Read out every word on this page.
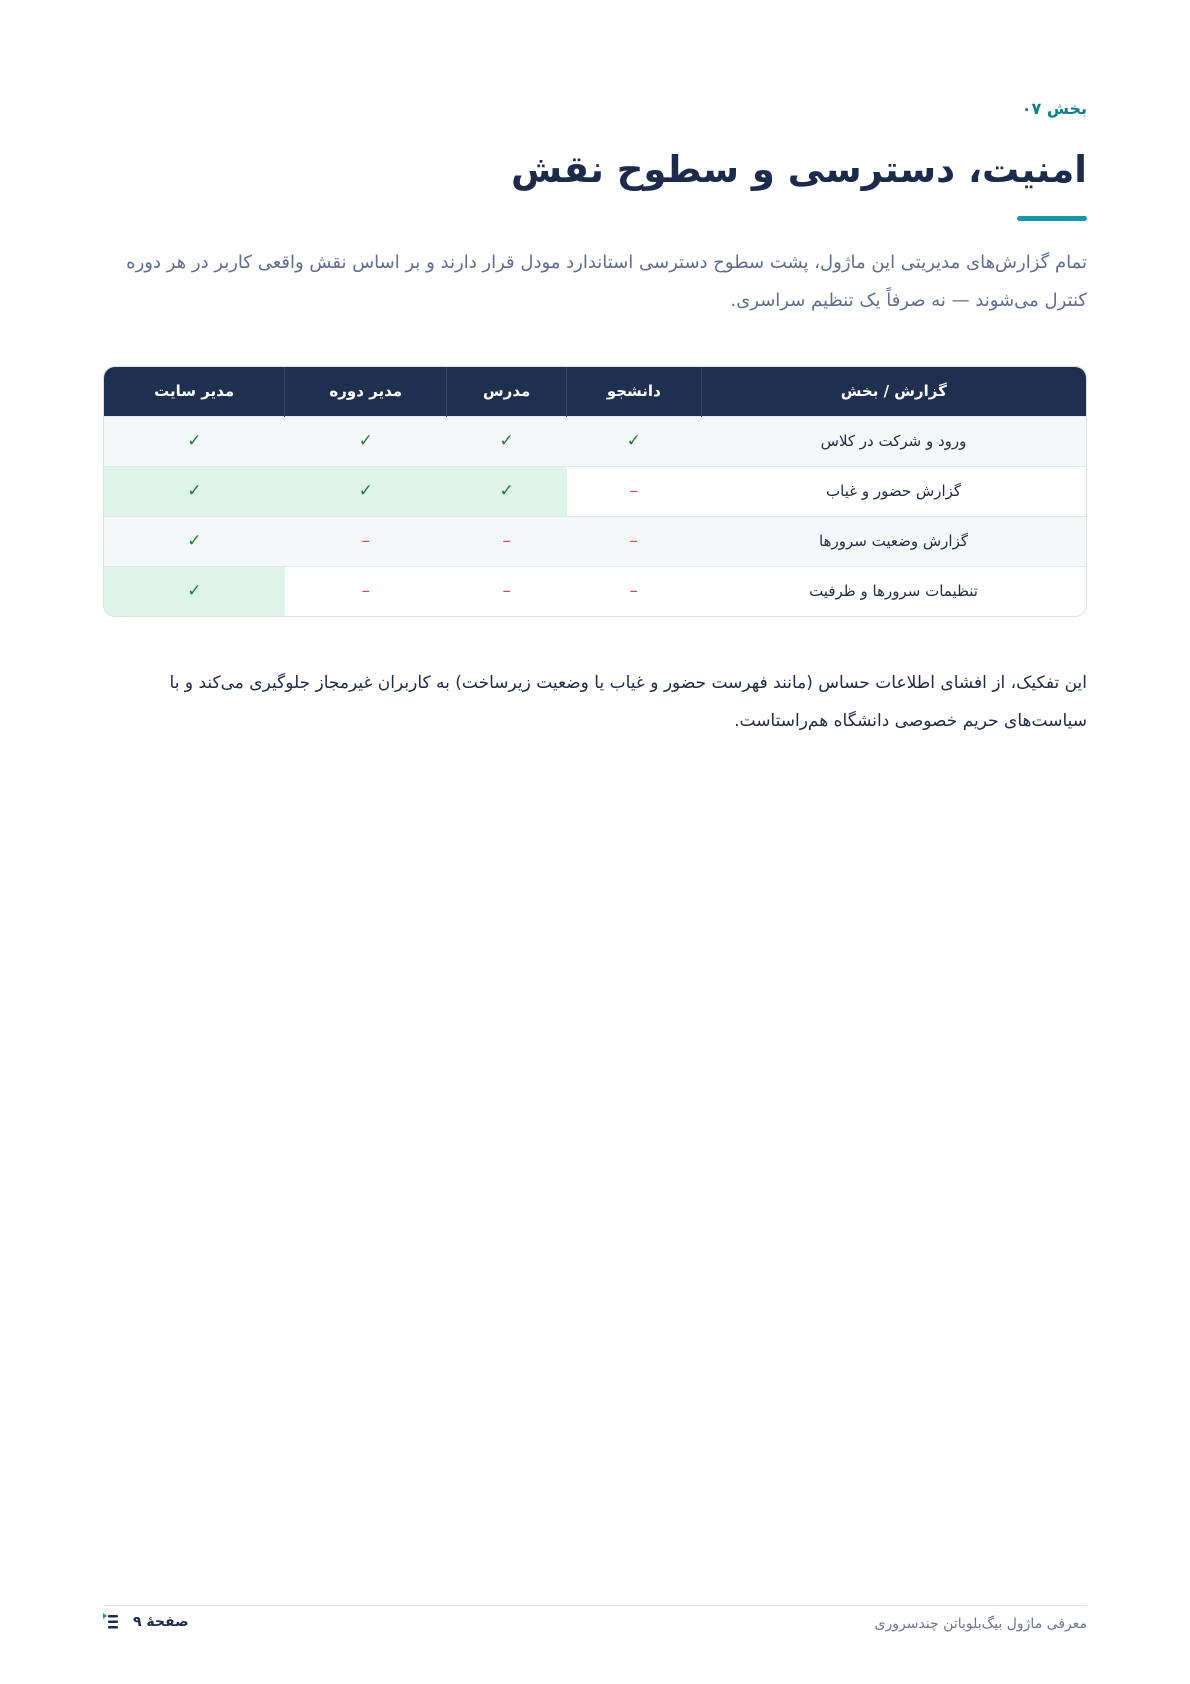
بخش ۰۷
امنیت، دسترسی و سطوح نقش

تمام گزارش‌های مدیریتی این ماژول، پشت سطوح دسترسی استاندارد مودل قرار دارند و بر اساس نقش واقعی کاربر در هر دوره کنترل می‌شوند — نه صرفاً یک تنظیم سراسری.

گزارش / بخش	دانشجو	مدرس	مدیر دوره	مدیر سایت
ورود و شرکت در کلاس	✓	✓	✓	✓
گزارش حضور و غیاب	–	✓	✓	✓
گزارش وضعیت سرورها	–	–	–	✓
تنظیمات سرورها و ظرفیت	–	–	–	✓

این تفکیک، از افشای اطلاعات حساس (مانند فهرست حضور و غیاب یا وضعیت زیرساخت) به کاربران غیرمجاز جلوگیری می‌کند و با سیاست‌های حریم خصوصی دانشگاه هم‌راستاست.

معرفی ماژول بیگ‌بلوباتن چندسروری
صفحهٔ ۹
